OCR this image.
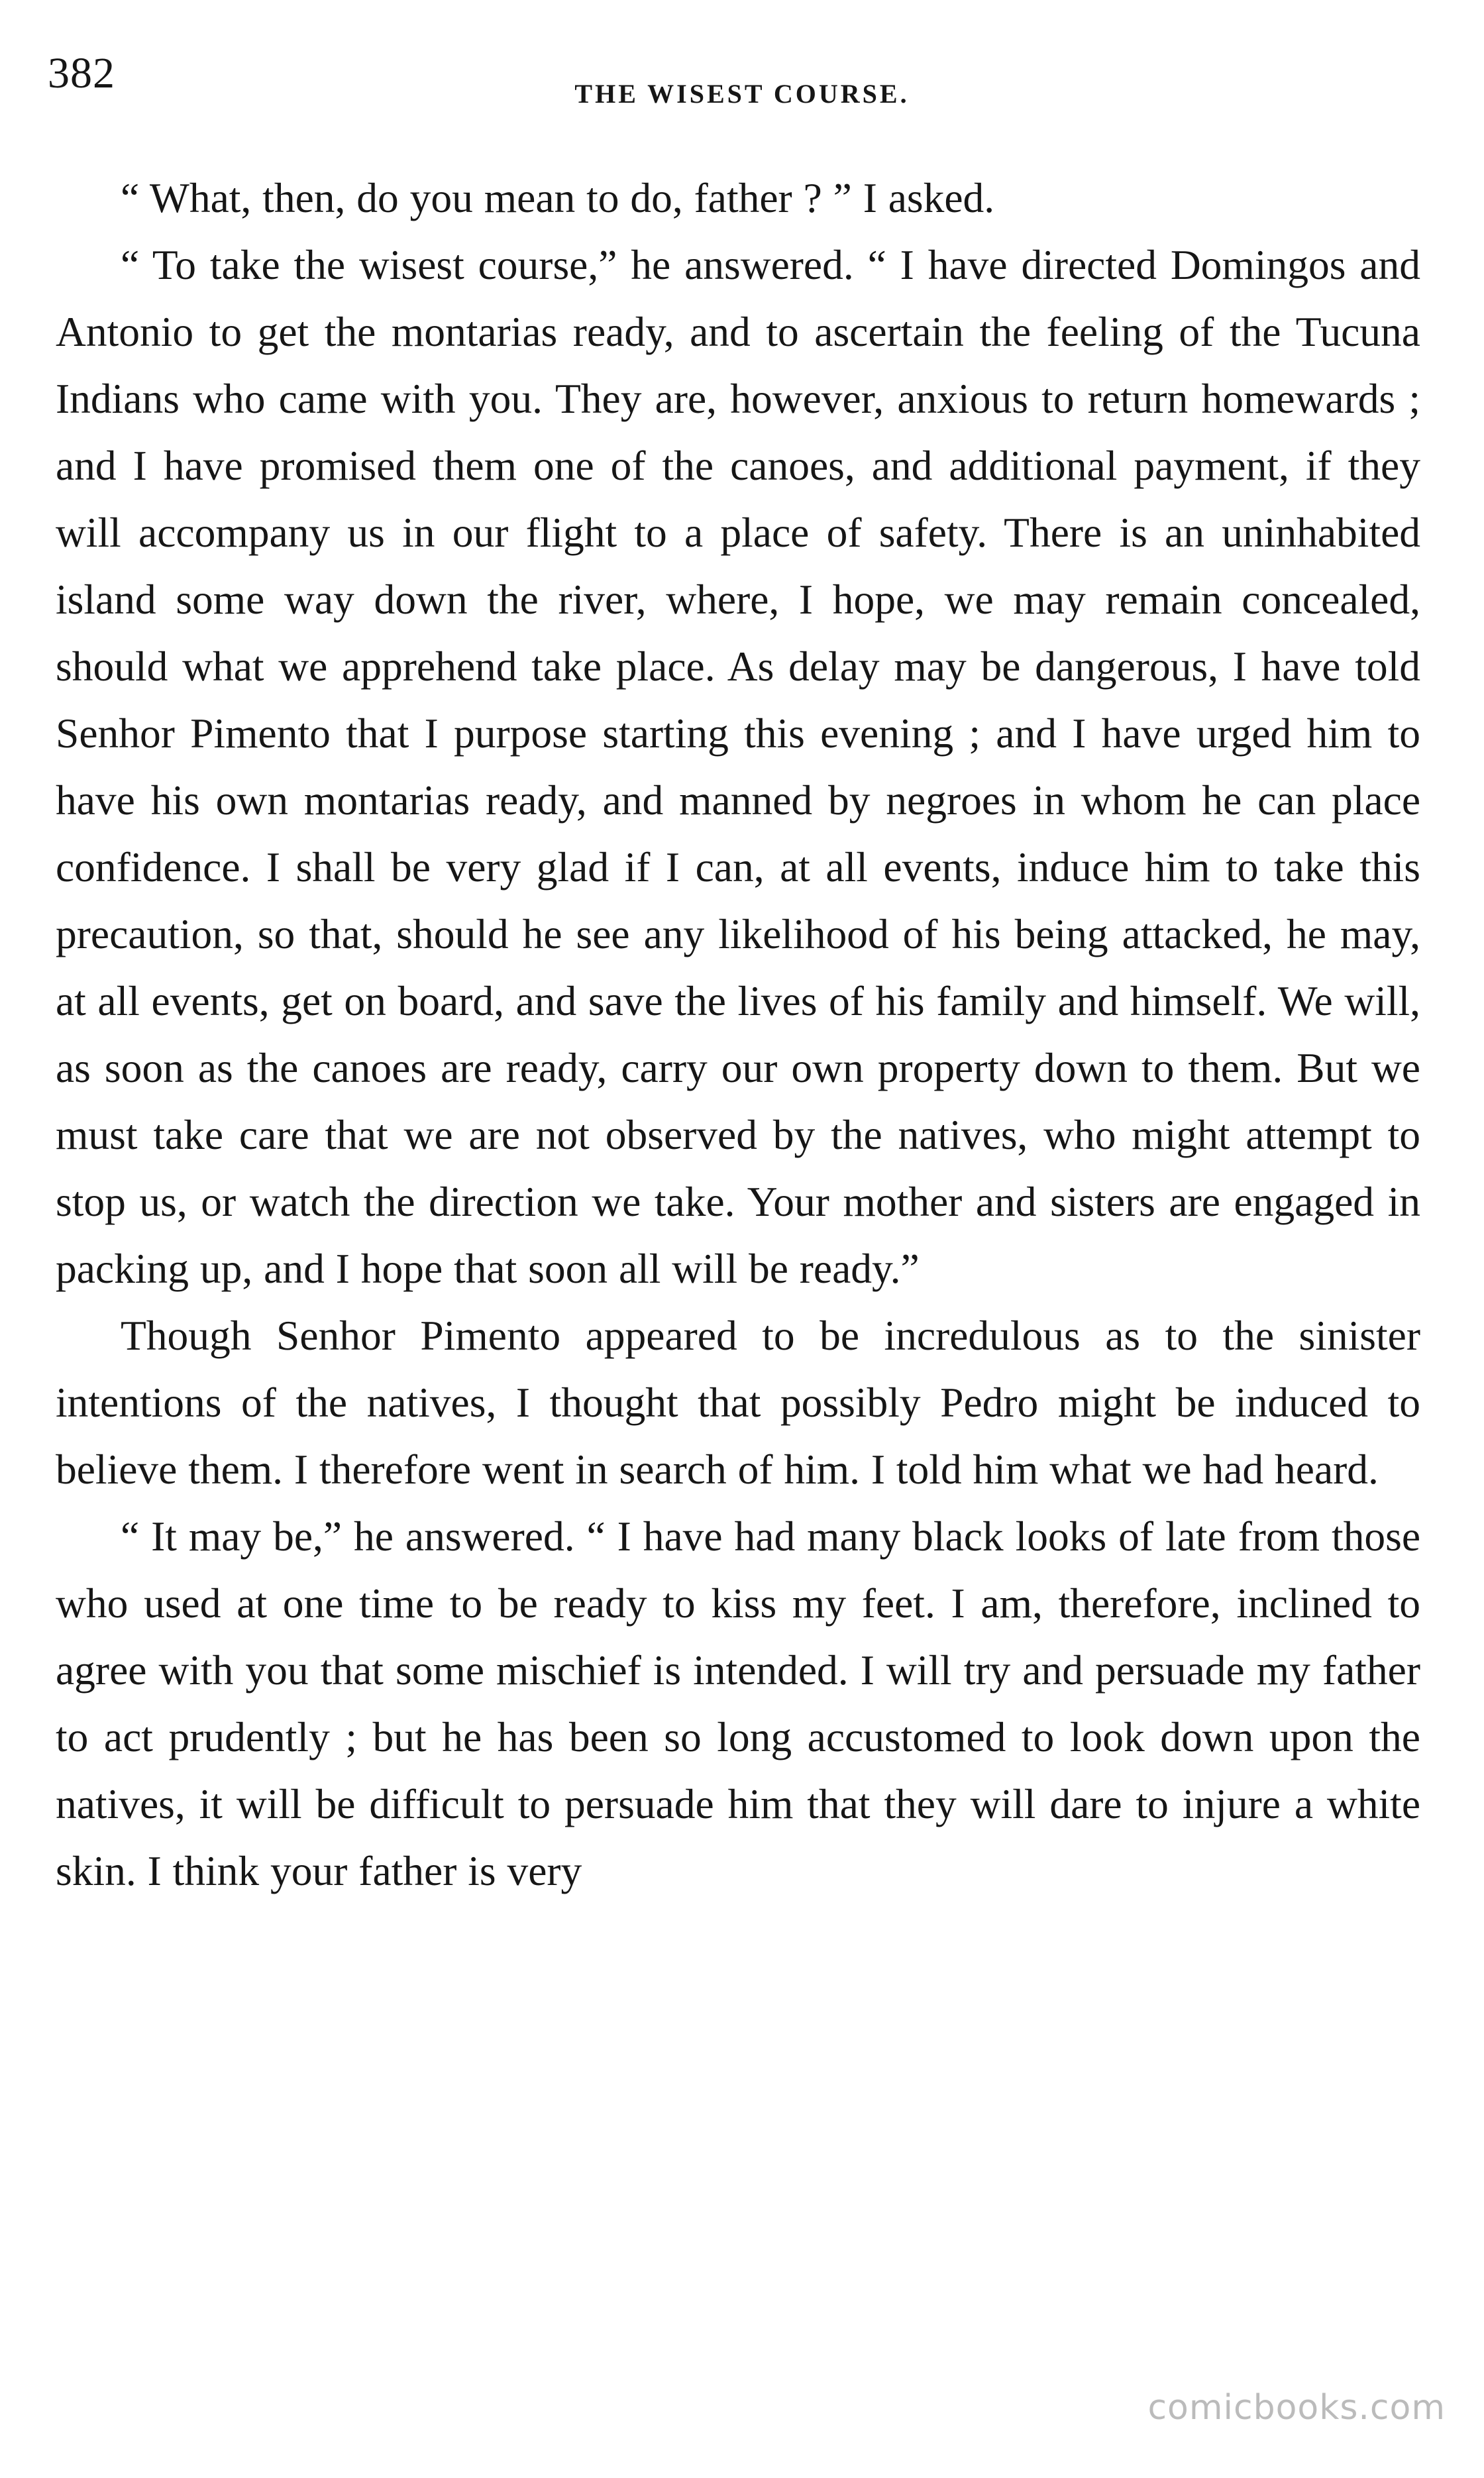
382	THE WISEST COURSE.

“ What, then, do you mean to do, father ? ” I asked.

“ To take the wisest course,” he answered. “ I have directed Domingos and Antonio to get the montarias ready, and to ascertain the feeling of the Tucuna Indians who came with you. They are, however, anxious to return homewards ; and I have promised them one of the canoes, and additional payment, if they will accompany us in our flight to a place of safety. There is an uninhabited island some way down the river, where, I hope, we may remain concealed, should what we apprehend take place. As delay may be dangerous, I have told Senhor Pimento that I purpose starting this evening ; and I have urged him to have his own montarias ready, and manned by negroes in whom he can place confidence. I shall be very glad if I can, at all events, induce him to take this precaution, so that, should he see any likelihood of his being attacked, he may, at all events, get on board, and save the lives of his family and himself. We will, as soon as the canoes are ready, carry our own property down to them. But we must take care that we are not observed by the natives, who might attempt to stop us, or watch the direction we take. Your mother and sisters are engaged in packing up, and I hope that soon all will be ready.”

Though Senhor Pimento appeared to be incredulous as to the sinister intentions of the natives, I thought that possibly Pedro might be induced to believe them. I therefore went in search of him. I told him what we had heard.

“ It may be,” he answered. “ I have had many black looks of late from those who used at one time to be ready to kiss my feet. I am, therefore, inclined to agree with you that some mischief is intended. I will try and persuade my father to act prudently ; but he has been so long accustomed to look down upon the natives, it will be difficult to persuade him that they will dare to injure a white skin. I think your father is very

comicbooks.com
